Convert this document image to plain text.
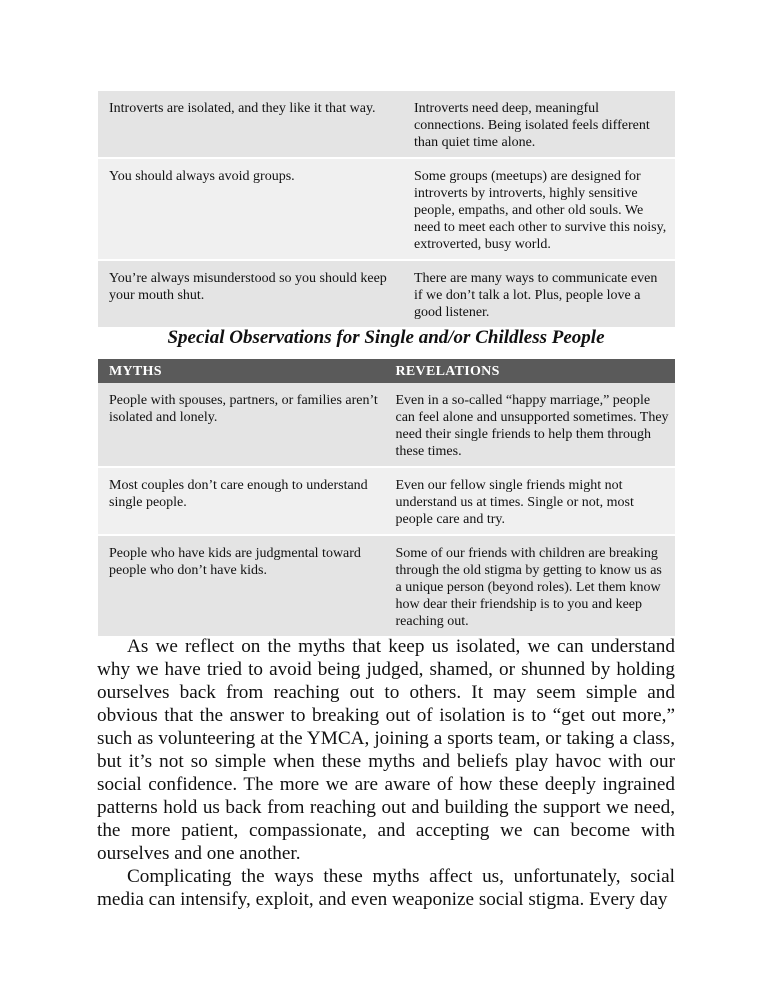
Introverts are isolated, and they like it that way.	Introverts need deep, meaningful connections. Being isolated feels different than quiet time alone.

You should always avoid groups.	Some groups (meetups) are designed for introverts by introverts, highly sensitive people, empaths, and other old souls. We need to meet each other to survive this noisy, extroverted, busy world.

You’re always misunderstood so you should keep your mouth shut.	There are many ways to communicate even if we don’t talk a lot. Plus, people love a good listener.
Special Observations for Single and/or Childless People
MYTHS	REVELATIONS
People with spouses, partners, or families aren’t isolated and lonely.	Even in a so-called “happy marriage,” people can feel alone and unsupported sometimes. They need their single friends to help them through these times.

Most couples don’t care enough to understand single people.	Even our fellow single friends might not understand us at times. Single or not, most people care and try.

People who have kids are judgmental toward people who don’t have kids.	Some of our friends with children are breaking through the old stigma by getting to know us as a unique person (beyond roles). Let them know how dear their friendship is to you and keep reaching out.

As we reflect on the myths that keep us isolated, we can understand why we have tried to avoid being judged, shamed, or shunned by holding ourselves back from reaching out to others. It may seem simple and obvious that the answer to breaking out of isolation is to “get out more,” such as volunteering at the YMCA, joining a sports team, or taking a class, but it’s not so simple when these myths and beliefs play havoc with our social confidence. The more we are aware of how these deeply ingrained patterns hold us back from reaching out and building the support we need, the more patient, compassionate, and accepting we can become with ourselves and one another.

Complicating the ways these myths affect us, unfortunately, social media can intensify, exploit, and even weaponize social stigma. Every day
